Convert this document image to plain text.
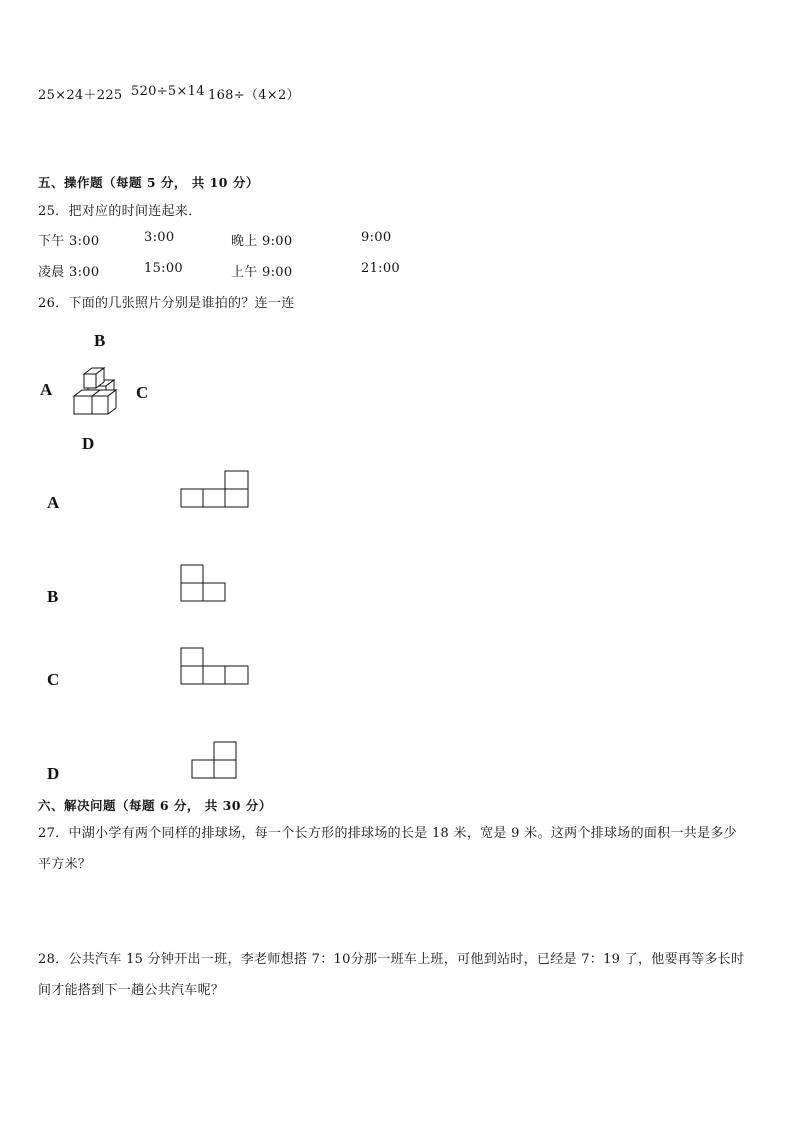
25×24＋225 520÷5×14 168÷（4×2）
五、操作题（每题 5 分， 共 10 分）
25．把对应的时间连起来．
下午 3:00	3:00	晚上 9:00	9:00
凌晨 3:00	15:00	上午 9:00	21:00
26．下面的几张照片分别是谁拍的？连一连
B
A	C
D
A
B
C
D
六、解决问题（每题 6 分， 共 30 分）
27．中湖小学有两个同样的排球场，每一个长方形的排球场的长是 18 米，宽是 9 米。这两个排球场的面积一共是多少
平方米？
28．公共汽车 15 分钟开出一班，李老师想搭 7：10分那一班车上班，可他到站时，已经是 7：19 了，他要再等多长时
间才能搭到下一趟公共汽车呢？
